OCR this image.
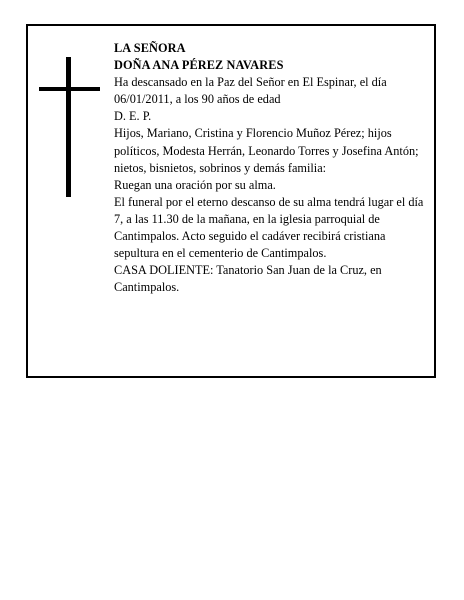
LA SEÑORA

DOÑA ANA PÉREZ NAVARES

Ha descansado en la Paz del Señor en El Espinar, el día 06/01/2011, a los 90 años de edad

D. E. P.

Hijos, Mariano, Cristina y Florencio Muñoz Pérez; hijos políticos, Modesta Herrán, Leonardo Torres y Josefina Antón; nietos, bisnietos, sobrinos y demás familia:

Ruegan una oración por su alma.

El funeral por el eterno descanso de su alma tendrá lugar el día 7, a las 11.30 de la mañana, en la iglesia parroquial de Cantimpalos. Acto seguido el cadáver recibirá cristiana sepultura en el cementerio de Cantimpalos.

CASA DOLIENTE: Tanatorio San Juan de la Cruz, en Cantimpalos.
